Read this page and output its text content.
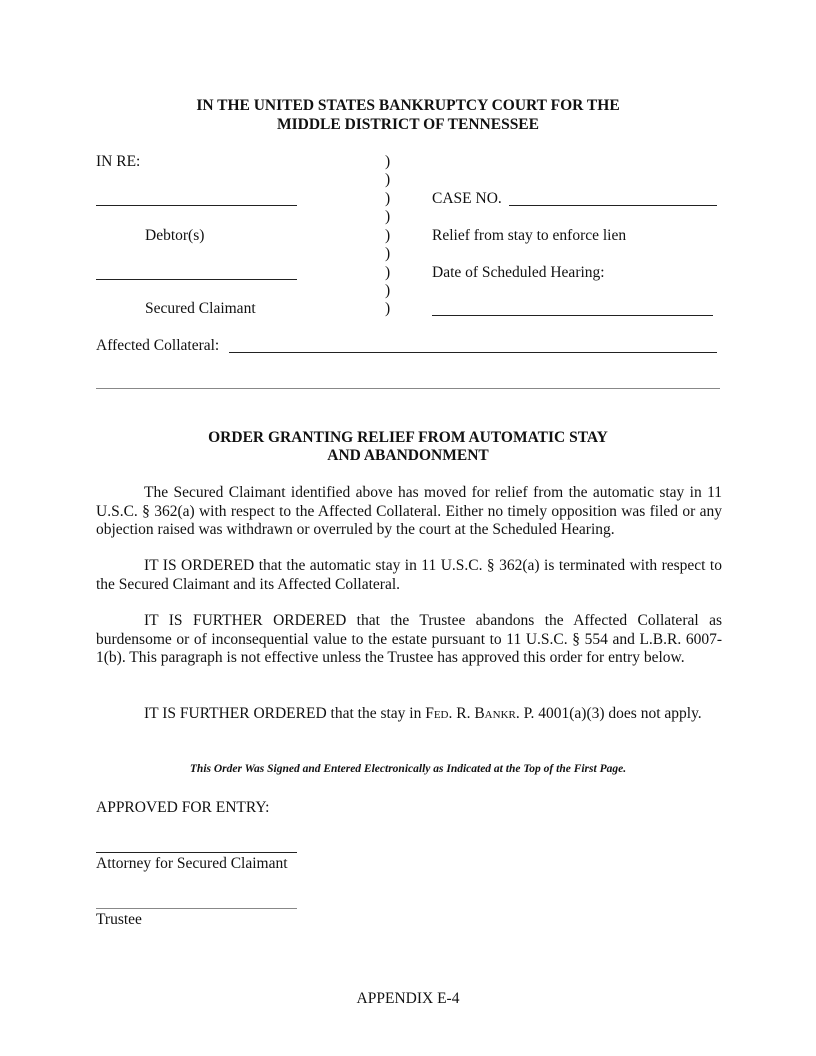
IN THE UNITED STATES BANKRUPTCY COURT FOR THE
MIDDLE DISTRICT OF TENNESSEE
IN RE:
Debtor(s)
Secured Claimant
)
)
)
)
)
)
)
)
)
CASE NO.
Relief from stay to enforce lien
Date of Scheduled Hearing:
Affected Collateral:
ORDER GRANTING RELIEF FROM AUTOMATIC STAY
AND ABANDONMENT

The Secured Claimant identified above has moved for relief from the automatic stay in 11 U.S.C. § 362(a) with respect to the Affected Collateral. Either no timely opposition was filed or any objection raised was withdrawn or overruled by the court at the Scheduled Hearing.

IT IS ORDERED that the automatic stay in 11 U.S.C. § 362(a) is terminated with respect to the Secured Claimant and its Affected Collateral.

IT IS FURTHER ORDERED that the Trustee abandons the Affected Collateral as burdensome or of inconsequential value to the estate pursuant to 11 U.S.C. § 554 and L.B.R. 6007-1(b). This paragraph is not effective unless the Trustee has approved this order for entry below.

IT IS FURTHER ORDERED that the stay in Fed. R. Bankr. P. 4001(a)(3) does not apply.

This Order Was Signed and Entered Electronically as Indicated at the Top of the First Page.
APPROVED FOR ENTRY:
Attorney for Secured Claimant
Trustee
APPENDIX E-4
